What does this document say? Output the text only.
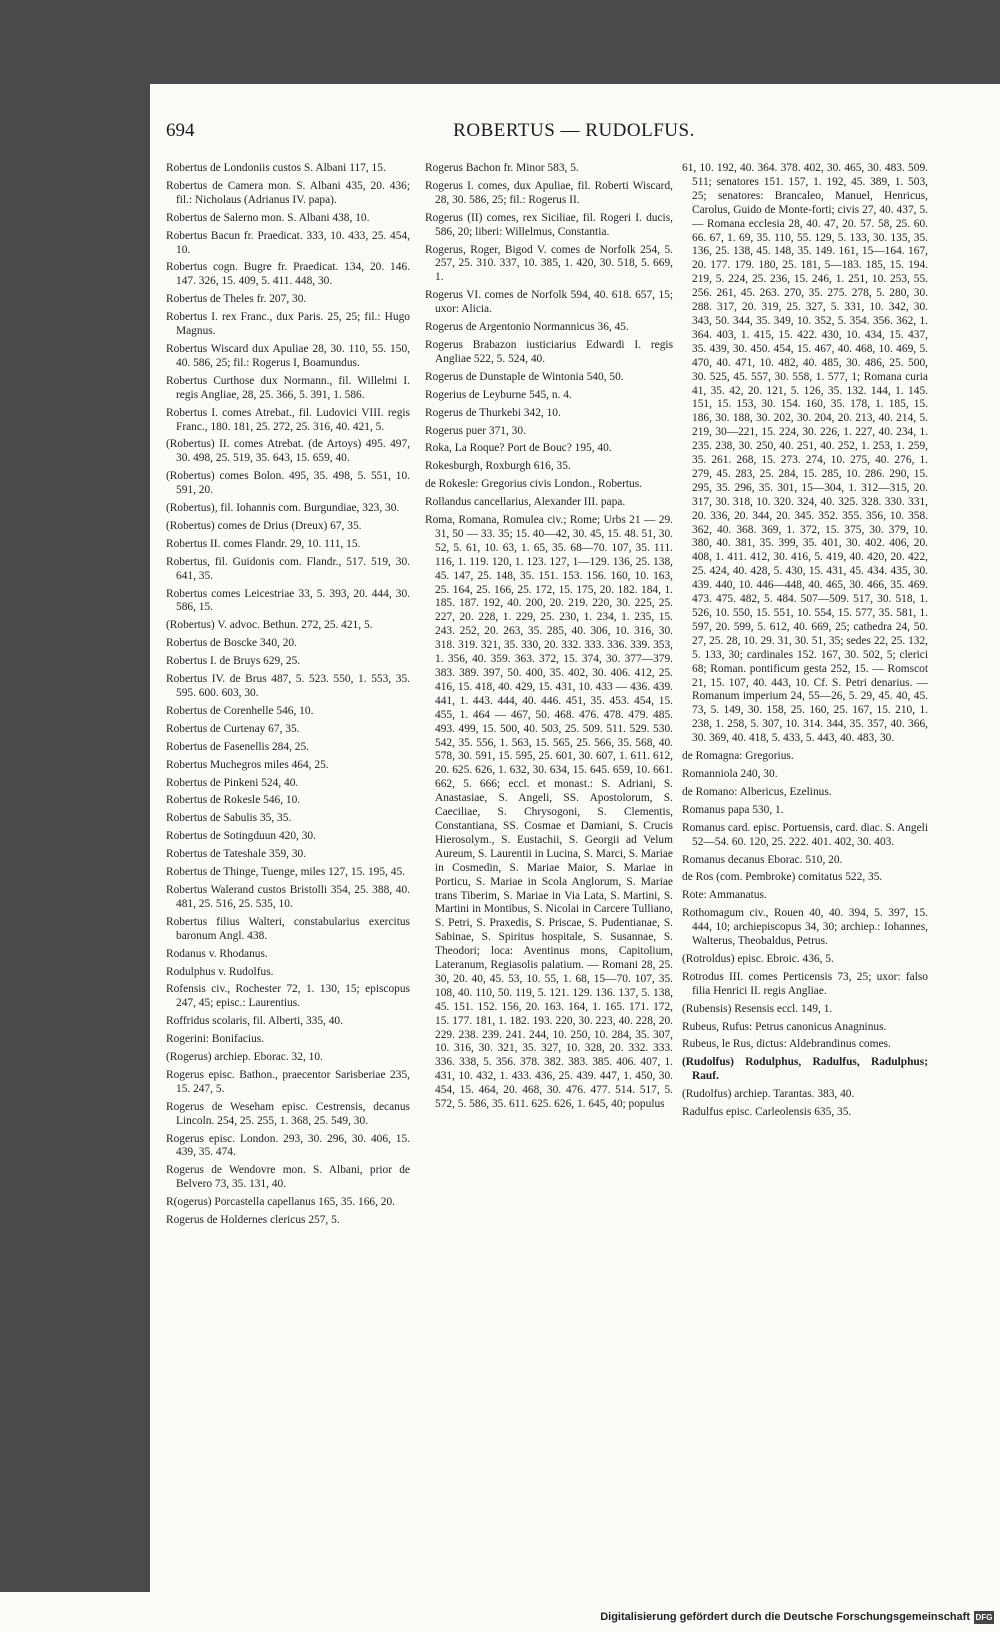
694	ROBERTUS — RUDOLFUS.

Robertus de Londoniis custos S. Albani 117, 15.

Robertus de Camera mon. S. Albani 435, 20. 436; fil.: Nicholaus (Adrianus IV. papa).

Robertus de Salerno mon. S. Albani 438, 10.

Robertus Bacun fr. Praedicat. 333, 10. 433, 25. 454, 10.

Robertus cogn. Bugre fr. Praedicat. 134, 20. 146. 147. 326, 15. 409, 5. 411. 448, 30.

Robertus de Theles fr. 207, 30.

Robertus I. rex Franc., dux Paris. 25, 25; fil.: Hugo Magnus.

Robertus Wiscard dux Apuliae 28, 30. 110, 55. 150, 40. 586, 25; fil.: Rogerus I, Boamundus.

Robertus Curthose dux Normann., fil. Willelmi I. regis Angliae, 28, 25. 366, 5. 391, 1. 586.

Robertus I. comes Atrebat., fil. Ludovici VIII. regis Franc., 180. 181, 25. 272, 25. 316, 40. 421, 5.

(Robertus) II. comes Atrebat. (de Artoys) 495. 497, 30. 498, 25. 519, 35. 643, 15. 659, 40.

(Robertus) comes Bolon. 495, 35. 498, 5. 551, 10. 591, 20.

(Robertus), fil. Iohannis com. Burgundiae, 323, 30.

(Robertus) comes de Drius (Dreux) 67, 35.

Robertus II. comes Flandr. 29, 10. 111, 15.

Robertus, fil. Guidonis com. Flandr., 517. 519, 30. 641, 35.

Robertus comes Leicestriae 33, 5. 393, 20. 444, 30. 586, 15.

(Robertus) V. advoc. Bethun. 272, 25. 421, 5.

Robertus de Boscke 340, 20.

Robertus I. de Bruys 629, 25.

Robertus IV. de Brus 487, 5. 523. 550, 1. 553, 35. 595. 600. 603, 30.

Robertus de Corenhelle 546, 10.

Robertus de Curtenay 67, 35.

Robertus de Fasenellis 284, 25.

Robertus Muchegros miles 464, 25.

Robertus de Pinkeni 524, 40.

Robertus de Rokesle 546, 10.

Robertus de Sabulis 35, 35.

Robertus de Sotingduun 420, 30.

Robertus de Tateshale 359, 30.

Robertus de Thinge, Tuenge, miles 127, 15. 195, 45.

Robertus Walerand custos Bristolli 354, 25. 388, 40. 481, 25. 516, 25. 535, 10.

Robertus filius Walteri, constabularius exercitus baronum Angl. 438.

Rodanus v. Rhodanus.

Rodulphus v. Rudolfus.

Rofensis civ., Rochester 72, 1. 130, 15; episcopus 247, 45; episc.: Laurentius.

Roffridus scolaris, fil. Alberti, 335, 40.

Rogerini: Bonifacius.

(Rogerus) archiep. Eborac. 32, 10.

Rogerus episc. Bathon., praecentor Sarisberiae 235, 15. 247, 5.

Rogerus de Weseham episc. Cestrensis, decanus Lincoln. 254, 25. 255, 1. 368, 25. 549, 30.

Rogerus episc. London. 293, 30. 296, 30. 406, 15. 439, 35. 474.

Rogerus de Wendovre mon. S. Albani, prior de Belvero 73, 35. 131, 40.

R(ogerus) Porcastella capellanus 165, 35. 166, 20.

Rogerus de Holdernes clericus 257, 5.

Rogerus Bachon fr. Minor 583, 5.

Rogerus I. comes, dux Apuliae, fil. Roberti Wiscard, 28, 30. 586, 25; fil.: Rogerus II.

Rogerus (II) comes, rex Siciliae, fil. Rogeri I. ducis, 586, 20; liberi: Willelmus, Constantia.

Rogerus, Roger, Bigod V. comes de Norfolk 254, 5. 257, 25. 310. 337, 10. 385, 1. 420, 30. 518, 5. 669, 1.

Rogerus VI. comes de Norfolk 594, 40. 618. 657, 15; uxor: Alicia.

Rogerus de Argentonio Normannicus 36, 45.

Rogerus Brabazon iusticiarius Edwardi I. regis Angliae 522, 5. 524, 40.

Rogerus de Dunstaple de Wintonia 540, 50.

Rogerius de Leyburne 545, n. 4.

Rogerus de Thurkebi 342, 10.

Rogerus puer 371, 30.

Roka, La Roque? Port de Bouc? 195, 40.

Rokesburgh, Roxburgh 616, 35.

de Rokesle: Gregorius civis London., Robertus.

Rollandus cancellarius, Alexander III. papa.

Roma, Romana, Romulea civ.; Rome; Urbs 21 — 29. 31, 50 — 33. 35; 15. 40—42, 30. 45, 15. 48. 51, 30. 52, 5. 61, 10. 63, 1. 65, 35. 68—70. 107, 35. 111. 116, 1. 119. 120, 1. 123. 127, 1—129. 136, 25. 138, 45. 147, 25. 148, 35. 151. 153. 156. 160, 10. 163, 25. 164, 25. 166, 25. 172, 15. 175, 20. 182. 184, 1. 185. 187. 192, 40. 200, 20. 219. 220, 30. 225, 25. 227, 20. 228, 1. 229, 25. 230, 1. 234, 1. 235, 15. 243. 252, 20. 263, 35. 285, 40. 306, 10. 316, 30. 318. 319. 321, 35. 330, 20. 332. 333. 336. 339. 353, 1. 356, 40. 359. 363. 372, 15. 374, 30. 377—379. 383. 389. 397, 50. 400, 35. 402, 30. 406. 412, 25. 416, 15. 418, 40. 429, 15. 431, 10. 433 — 436. 439. 441, 1. 443. 444, 40. 446. 451, 35. 453. 454, 15. 455, 1. 464 — 467, 50. 468. 476. 478. 479. 485. 493. 499, 15. 500, 40. 503, 25. 509. 511. 529. 530. 542, 35. 556, 1. 563, 15. 565, 25. 566, 35. 568, 40. 578, 30. 591, 15. 595, 25. 601, 30. 607, 1. 611. 612, 20. 625. 626, 1. 632, 30. 634, 15. 645. 659, 10. 661. 662, 5. 666; eccl. et monast.: S. Adriani, S. Anastasiae, S. Angeli, SS. Apostolorum, S. Caeciliae, S. Chrysogoni, S. Clementis, Constantiana, SS. Cosmae et Damiani, S. Crucis Hierosolym., S. Eustachii, S. Georgii ad Velum Aureum, S. Laurentii in Lucina, S. Marci, S. Mariae in Cosmedin, S. Mariae Maior, S. Mariae in Porticu, S. Mariae in Scola Anglorum, S. Mariae trans Tiberim, S. Mariae in Via Lata, S. Martini, S. Martini in Montibus, S. Nicolai in Carcere Tulliano, S. Petri, S. Praxedis, S. Priscae, S. Pudentianae, S. Sabinae, S. Spiritus hospitale, S. Susannae, S. Theodori; loca: Aventinus mons, Capitolium, Lateranum, Regiasolis palatium. — Romani 28, 25. 30, 20. 40, 45. 53, 10. 55, 1. 68, 15—70. 107, 35. 108, 40. 110, 50. 119, 5. 121. 129. 136. 137, 5. 138, 45. 151. 152. 156, 20. 163. 164, 1. 165. 171. 172, 15. 177. 181, 1. 182. 193. 220, 30. 223, 40. 228, 20. 229. 238. 239. 241. 244, 10. 250, 10. 284, 35. 307, 10. 316, 30. 321, 35. 327, 10. 328, 20. 332. 333. 336. 338, 5. 356. 378. 382. 383. 385. 406. 407, 1. 431, 10. 432, 1. 433. 436, 25. 439. 447, 1. 450, 30. 454, 15. 464, 20. 468, 30. 476. 477. 514. 517, 5. 572, 5. 586, 35. 611. 625. 626, 1. 645, 40; populus

61, 10. 192, 40. 364. 378. 402, 30. 465, 30. 483. 509. 511; senatores 151. 157, 1. 192, 45. 389, 1. 503, 25; senatores: Brancaleo, Manuel, Henricus, Carolus, Guido de Monte-forti; civis 27, 40. 437, 5. — Romana ecclesia 28, 40. 47, 20. 57. 58, 25. 60. 66. 67, 1. 69, 35. 110, 55. 129, 5. 133, 30. 135, 35. 136, 25. 138, 45. 148, 35. 149. 161, 15—164. 167, 20. 177. 179. 180, 25. 181, 5—183. 185, 15. 194. 219, 5. 224, 25. 236, 15. 246, 1. 251, 10. 253, 55. 256. 261, 45. 263. 270, 35. 275. 278, 5. 280, 30. 288. 317, 20. 319, 25. 327, 5. 331, 10. 342, 30. 343, 50. 344, 35. 349, 10. 352, 5. 354. 356. 362, 1. 364. 403, 1. 415, 15. 422. 430, 10. 434, 15. 437, 35. 439, 30. 450. 454, 15. 467, 40. 468, 10. 469, 5. 470, 40. 471, 10. 482, 40. 485, 30. 486, 25. 500, 30. 525, 45. 557, 30. 558, 1. 577, 1; Romana curia 41, 35. 42, 20. 121, 5. 126, 35. 132. 144, 1. 145. 151, 15. 153, 30. 154. 160, 35. 178, 1. 185, 15. 186, 30. 188, 30. 202, 30. 204, 20. 213, 40. 214, 5. 219, 30—221, 15. 224, 30. 226, 1. 227, 40. 234, 1. 235. 238, 30. 250, 40. 251, 40. 252, 1. 253, 1. 259, 35. 261. 268, 15. 273. 274, 10. 275, 40. 276, 1. 279, 45. 283, 25. 284, 15. 285, 10. 286. 290, 15. 295, 35. 296, 35. 301, 15—304, 1. 312—315, 20. 317, 30. 318, 10. 320. 324, 40. 325. 328. 330. 331, 20. 336, 20. 344, 20. 345. 352. 355. 356, 10. 358. 362, 40. 368. 369, 1. 372, 15. 375, 30. 379, 10. 380, 40. 381, 35. 399, 35. 401, 30. 402. 406, 20. 408, 1. 411. 412, 30. 416, 5. 419, 40. 420, 20. 422, 25. 424, 40. 428, 5. 430, 15. 431, 45. 434. 435, 30. 439. 440, 10. 446—448, 40. 465, 30. 466, 35. 469. 473. 475. 482, 5. 484. 507—509. 517, 30. 518, 1. 526, 10. 550, 15. 551, 10. 554, 15. 577, 35. 581, 1. 597, 20. 599, 5. 612, 40. 669, 25; cathedra 24, 50. 27, 25. 28, 10. 29. 31, 30. 51, 35; sedes 22, 25. 132, 5. 133, 30; cardinales 152. 167, 30. 502, 5; clerici 68; Roman. pontificum gesta 252, 15. — Romscot 21, 15. 107, 40. 443, 10. Cf. S. Petri denarius. — Romanum imperium 24, 55—26, 5. 29, 45. 40, 45. 73, 5. 149, 30. 158, 25. 160, 25. 167, 15. 210, 1. 238, 1. 258, 5. 307, 10. 314. 344, 35. 357, 40. 366, 30. 369, 40. 418, 5. 433, 5. 443, 40. 483, 30.

de Romagna: Gregorius.

Romanniola 240, 30.

de Romano: Albericus, Ezelinus.

Romanus papa 530, 1.

Romanus card. episc. Portuensis, card. diac. S. Angeli 52—54. 60. 120, 25. 222. 401. 402, 30. 403.

Romanus decanus Eborac. 510, 20.

de Ros (com. Pembroke) comitatus 522, 35.

Rote: Ammanatus.

Rothomagum civ., Rouen 40, 40. 394, 5. 397, 15. 444, 10; archiepiscopus 34, 30; archiep.: Iohannes, Walterus, Theobaldus, Petrus.

(Rotroldus) episc. Ebroic. 436, 5.

Rotrodus III. comes Perticensis 73, 25; uxor: falso filia Henrici II. regis Angliae.

(Rubensis) Resensis eccl. 149, 1.

Rubeus, Rufus: Petrus canonicus Anagninus.

Rubeus, le Rus, dictus: Aldebrandinus comes.

(Rudolfus) Rodulphus, Radulfus, Radulphus; Rauf.

(Rudolfus) archiep. Tarantas. 383, 40.

Radulfus episc. Carleolensis 635, 35.

Digitalisierung gefördert durch die Deutsche Forschungsgemeinschaft DFG
